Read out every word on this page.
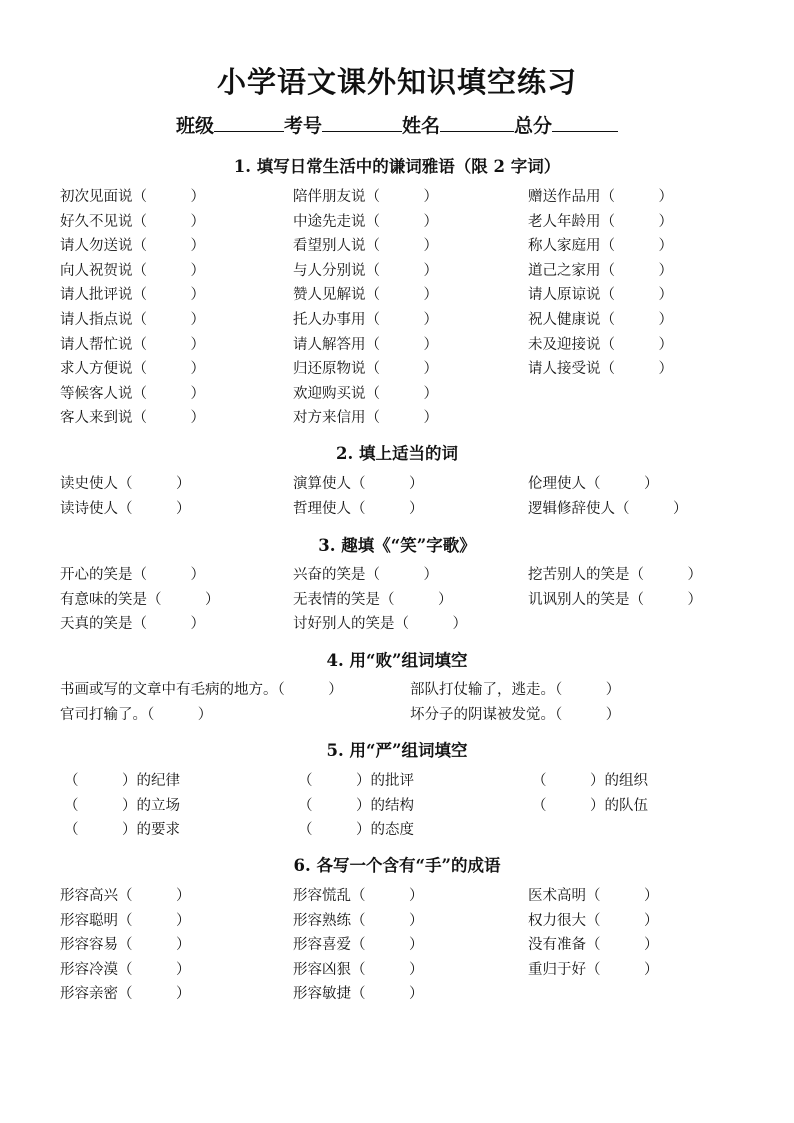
小学语文课外知识填空练习
班级	考号	姓名	总分
1. 填写日常生活中的谦词雅语（限 2 字词）
初次见面说（　　　）	陪伴朋友说（　　　）	赠送作品用（　　　）
好久不见说（　　　）	中途先走说（　　　）	老人年龄用（　　　）
请人勿送说（　　　）	看望别人说（　　　）	称人家庭用（　　　）
向人祝贺说（　　　）	与人分别说（　　　）	道己之家用（　　　）
请人批评说（　　　）	赞人见解说（　　　）	请人原谅说（　　　）
请人指点说（　　　）	托人办事用（　　　）	祝人健康说（　　　）
请人帮忙说（　　　）	请人解答用（　　　）	未及迎接说（　　　）
求人方便说（　　　）	归还原物说（　　　）	请人接受说（　　　）
等候客人说（　　　）	欢迎购买说（　　　）
客人来到说（　　　）	对方来信用（　　　）
2. 填上适当的词
读史使人（　　　）	演算使人（　　　）	伦理使人（　　　）
读诗使人（　　　）	哲理使人（　　　）	逻辑修辞使人（　　　）
3. 趣填《“笑”字歌》
开心的笑是（　　　）	兴奋的笑是（　　　）	挖苦别人的笑是（　　　）
有意味的笑是（　　　）	无表情的笑是（　　　）	讥讽别人的笑是（　　　）
天真的笑是（　　　）	讨好别人的笑是（　　　）
4. 用“败”组词填空
书画或写的文章中有毛病的地方。（　　　）	部队打仗输了，逃走。（　　　）
官司打输了。（　　　）	坏分子的阴谋被发觉。（　　　）
5. 用“严”组词填空
（　　　）的纪律	（　　　）的批评	（　　　）的组织
（　　　）的立场	（　　　）的结构	（　　　）的队伍
（　　　）的要求	（　　　）的态度
6. 各写一个含有“手”的成语
形容高兴（　　　）	形容慌乱（　　　）	医术高明（　　　）
形容聪明（　　　）	形容熟练（　　　）	权力很大（　　　）
形容容易（　　　）	形容喜爱（　　　）	没有准备（　　　）
形容冷漠（　　　）	形容凶狠（　　　）	重归于好（　　　）
形容亲密（　　　）	形容敏捷（　　　）
